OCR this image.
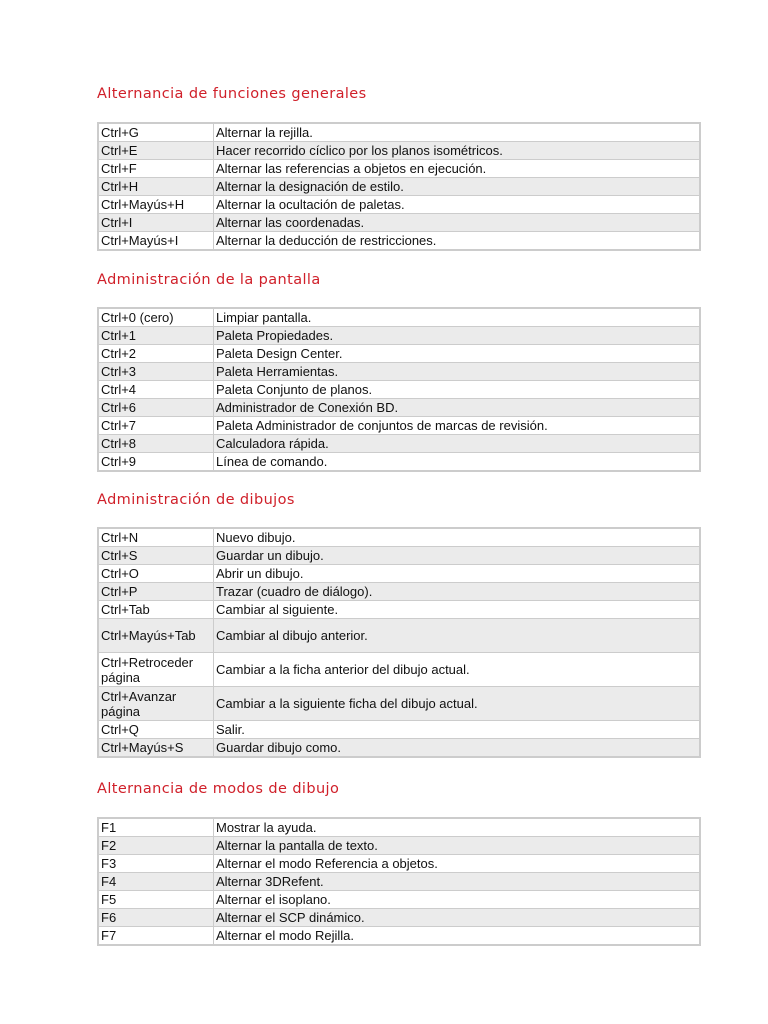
Alternancia de funciones generales
Ctrl+G	Alternar la rejilla.
Ctrl+E	Hacer recorrido cíclico por los planos isométricos.
Ctrl+F	Alternar las referencias a objetos en ejecución.
Ctrl+H	Alternar la designación de estilo.
Ctrl+Mayús+H	Alternar la ocultación de paletas.
Ctrl+I	Alternar las coordenadas.
Ctrl+Mayús+I	Alternar la deducción de restricciones.
Administración de la pantalla
Ctrl+0 (cero)	Limpiar pantalla.
Ctrl+1	Paleta Propiedades.
Ctrl+2	Paleta Design Center.
Ctrl+3	Paleta Herramientas.
Ctrl+4	Paleta Conjunto de planos.
Ctrl+6	Administrador de Conexión BD.
Ctrl+7	Paleta Administrador de conjuntos de marcas de revisión.
Ctrl+8	Calculadora rápida.
Ctrl+9	Línea de comando.
Administración de dibujos
Ctrl+N	Nuevo dibujo.
Ctrl+S	Guardar un dibujo.
Ctrl+O	Abrir un dibujo.
Ctrl+P	Trazar (cuadro de diálogo).
Ctrl+Tab	Cambiar al siguiente.
Ctrl+Mayús+Tab	Cambiar al dibujo anterior.
Ctrl+Retroceder página	Cambiar a la ficha anterior del dibujo actual.
Ctrl+Avanzar página	Cambiar a la siguiente ficha del dibujo actual.
Ctrl+Q	Salir.
Ctrl+Mayús+S	Guardar dibujo como.
Alternancia de modos de dibujo
F1	Mostrar la ayuda.
F2	Alternar la pantalla de texto.
F3	Alternar el modo Referencia a objetos.
F4	Alternar 3DRefent.
F5	Alternar el isoplano.
F6	Alternar el SCP dinámico.
F7	Alternar el modo Rejilla.
